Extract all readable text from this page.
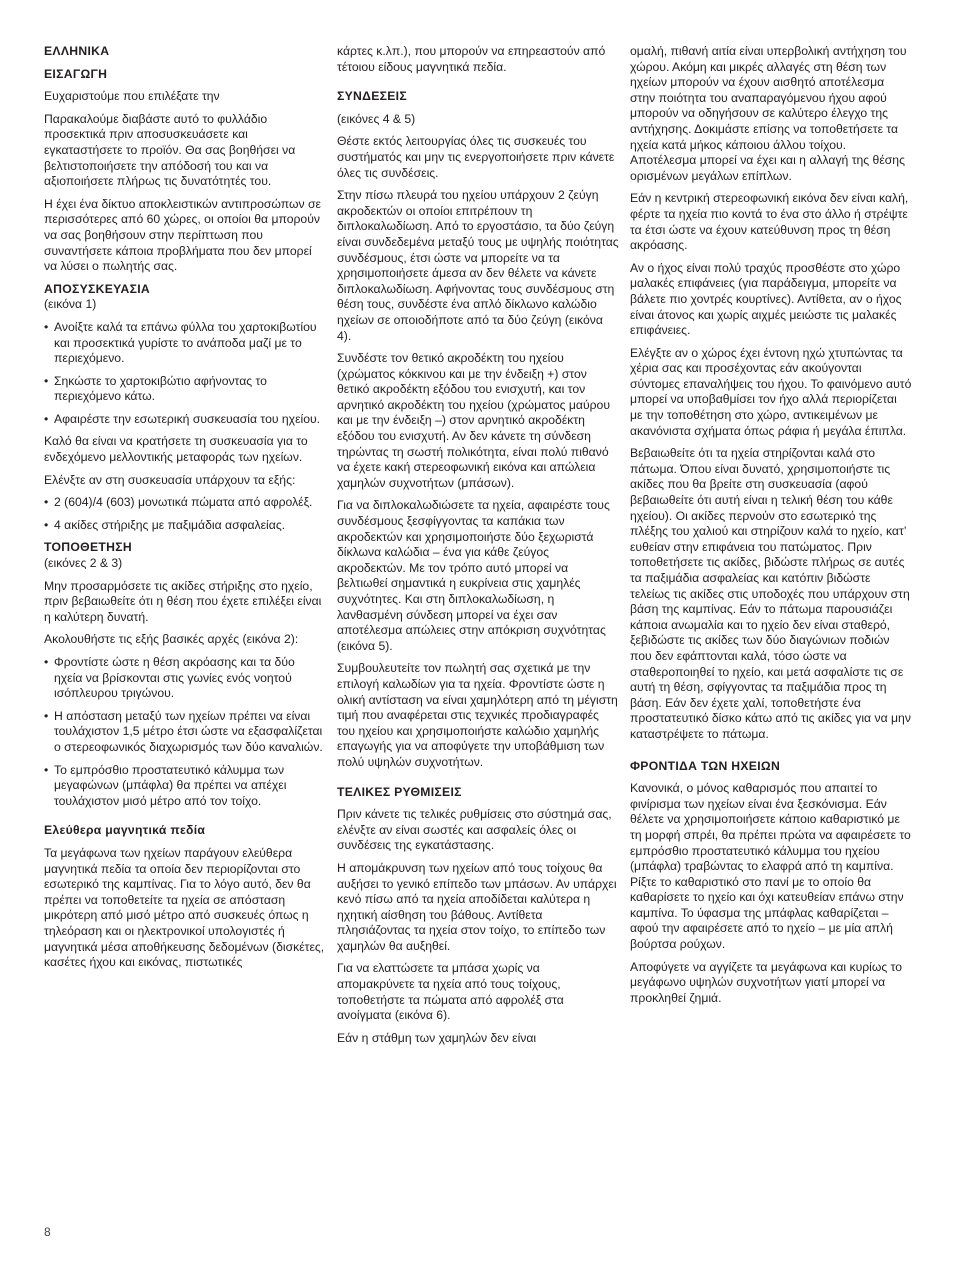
ΕΛΛΗΝΙΚΑ

ΕΙΣΑΓΩΓΗ

Ευχαριστούμε που επιλέξατε την

Παρακαλούμε διαβάστε αυτό το φυλλάδιο προσεκτικά πριν αποσυσκευάσετε και εγκαταστήσετε το προϊόν. Θα σας βοηθήσει να βελτιστοποιήσετε την απόδοσή του και να αξιοποιήσετε πλήρως τις δυνατότητές του.

Η έχει ένα δίκτυο αποκλειστικών αντιπροσώπων σε περισσότερες από 60 χώρες, οι οποίοι θα μπορούν να σας βοηθήσουν στην περίπτωση που συναντήσετε κάποια προβλήματα που δεν μπορεί να λύσει ο πωλητής σας.

ΑΠΟΣΥΣΚΕΥΑΣΙΑ

(εικόνα 1)

• Ανοίξτε καλά τα επάνω φύλλα του χαρτοκιβωτίου και προσεκτικά γυρίστε το ανάποδα μαζί με το περιεχόμενο.
• Σηκώστε το χαρτοκιβώτιο αφήνοντας το περιεχόμενο κάτω.
• Αφαιρέστε την εσωτερική συσκευασία του ηχείου.

Καλό θα είναι να κρατήσετε τη συσκευασία για το ενδεχόμενο μελλοντικής μεταφοράς των ηχείων.

Ελένξτε αν στη συσκευασία υπάρχουν τα εξής:

• 2 (604)/4 (603) μονωτικά πώματα από αφρολέξ.
• 4 ακίδες στήριξης με παξιμάδια ασφαλείας.

ΤΟΠΟΘΕΤΗΣΗ

(εικόνες 2 & 3)

Μην προσαρμόσετε τις ακίδες στήριξης στο ηχείο, πριν βεβαιωθείτε ότι η θέση που έχετε επιλέξει είναι η καλύτερη δυνατή.

Ακολουθήστε τις εξής βασικές αρχές (εικόνα 2):

• Φροντίστε ώστε η θέση ακρόασης και τα δύο ηχεία να βρίσκονται στις γωνίες ενός νοητού ισόπλευρου τριγώνου.
• Η απόσταση μεταξύ των ηχείων πρέπει να είναι τουλάχιστον 1,5 μέτρο έτσι ώστε να εξασφαλίζεται ο στερεοφωνικός διαχωρισμός των δύο καναλιών.
• Το εμπρόσθιο προστατευτικό κάλυμμα των μεγαφώνων (μπάφλα) θα πρέπει να απέχει τουλάχιστον μισό μέτρο από τον τοίχο.

Ελεύθερα μαγνητικά πεδία

Τα μεγάφωνα των ηχείων παράγουν ελεύθερα μαγνητικά πεδία τα οποία δεν περιορίζονται στο εσωτερικό της καμπίνας. Για το λόγο αυτό, δεν θα πρέπει να τοποθετείτε τα ηχεία σε απόσταση μικρότερη από μισό μέτρο από συσκευές όπως η τηλεόραση και οι ηλεκτρονικοί υπολογιστές ή μαγνητικά μέσα αποθήκευσης δεδομένων (δισκέτες, κασέτες ήχου και εικόνας, πιστωτικές

κάρτες κ.λπ.), που μπορούν να επηρεαστούν από τέτοιου είδους μαγνητικά πεδία.

ΣΥΝΔΕΣΕΙΣ

(εικόνες 4 & 5)

Θέστε εκτός λειτουργίας όλες τις συσκευές του συστήματός και μην τις ενεργοποιήσετε πριν κάνετε όλες τις συνδέσεις.

Στην πίσω πλευρά του ηχείου υπάρχουν 2 ζεύγη ακροδεκτών οι οποίοι επιτρέπουν τη διπλοκαλωδίωση. Από το εργοστάσιο, τα δύο ζεύγη είναι συνδεδεμένα μεταξύ τους με υψηλής ποιότητας συνδέσμους, έτσι ώστε να μπορείτε να τα χρησιμοποιήσετε άμεσα αν δεν θέλετε να κάνετε διπλοκαλωδίωση. Αφήνοντας τους συνδέσμους στη θέση τους, συνδέστε ένα απλό δίκλωνο καλώδιο ηχείων σε οποιοδήποτε από τα δύο ζεύγη (εικόνα 4).

Συνδέστε τον θετικό ακροδέκτη του ηχείου (χρώματος κόκκινου και με την ένδειξη +) στον θετικό ακροδέκτη εξόδου του ενισχυτή, και τον αρνητικό ακροδέκτη του ηχείου (χρώματος μαύρου και με την ένδειξη –) στον αρνητικό ακροδέκτη εξόδου του ενισχυτή. Αν δεν κάνετε τη σύνδεση τηρώντας τη σωστή πολικότητα, είναι πολύ πιθανό να έχετε κακή στερεοφωνική εικόνα και απώλεια χαμηλών συχνοτήτων (μπάσων).

Για να διπλοκαλωδιώσετε τα ηχεία, αφαιρέστε τους συνδέσμους ξεσφίγγοντας τα καπάκια των ακροδεκτών και χρησιμοποιήστε δύο ξεχωριστά δίκλωνα καλώδια – ένα για κάθε ζεύγος ακροδεκτών. Με τον τρόπο αυτό μπορεί να βελτιωθεί σημαντικά η ευκρίνεια στις χαμηλές συχνότητες. Και στη διπλοκαλωδίωση, η λανθασμένη σύνδεση μπορεί να έχει σαν αποτέλεσμα απώλειες στην απόκριση συχνότητας (εικόνα 5).

Συμβουλευτείτε τον πωλητή σας σχετικά με την επιλογή καλωδίων για τα ηχεία. Φροντίστε ώστε η ολική αντίσταση να είναι χαμηλότερη από τη μέγιστη τιμή που αναφέρεται στις τεχνικές προδιαγραφές του ηχείου και χρησιμοποιήστε καλώδιο χαμηλής επαγωγής για να αποφύγετε την υποβάθμιση των πολύ υψηλών συχνοτήτων.

ΤΕΛΙΚΕΣ ΡΥΘΜΙΣΕΙΣ

Πριν κάνετε τις τελικές ρυθμίσεις στο σύστημά σας, ελένξτε αν είναι σωστές και ασφαλείς όλες οι συνδέσεις της εγκατάστασης.

Η απομάκρυνση των ηχείων από τους τοίχους θα αυξήσει το γενικό επίπεδο των μπάσων. Αν υπάρχει κενό πίσω από τα ηχεία αποδίδεται καλύτερα η ηχητική αίσθηση του βάθους. Αντίθετα πλησιάζοντας τα ηχεία στον τοίχο, το επίπεδο των χαμηλών θα αυξηθεί.

Για να ελαττώσετε τα μπάσα χωρίς να απομακρύνετε τα ηχεία από τους τοίχους, τοποθετήστε τα πώματα από αφρολέξ στα ανοίγματα (εικόνα 6).

Εάν η στάθμη των χαμηλών δεν είναι

ομαλή, πιθανή αιτία είναι υπερβολική αντήχηση του χώρου. Ακόμη και μικρές αλλαγές στη θέση των ηχείων μπορούν να έχουν αισθητό αποτέλεσμα στην ποιότητα του αναπαραγόμενου ήχου αφού μπορούν να οδηγήσουν σε καλύτερο έλεγχο της αντήχησης. Δοκιμάστε επίσης να τοποθετήσετε τα ηχεία κατά μήκος κάποιου άλλου τοίχου. Αποτέλεσμα μπορεί να έχει και η αλλαγή της θέσης ορισμένων μεγάλων επίπλων.

Εάν η κεντρική στερεοφωνική εικόνα δεν είναι καλή, φέρτε τα ηχεία πιο κοντά το ένα στο άλλο ή στρέψτε τα έτσι ώστε να έχουν κατεύθυνση προς τη θέση ακρόασης.

Αν ο ήχος είναι πολύ τραχύς προσθέστε στο χώρο μαλακές επιφάνειες (για παράδειγμα, μπορείτε να βάλετε πιο χοντρές κουρτίνες). Αντίθετα, αν ο ήχος είναι άτονος και χωρίς αιχμές μειώστε τις μαλακές επιφάνειες.

Ελέγξτε αν ο χώρος έχει έντονη ηχώ χτυπώντας τα χέρια σας και προσέχοντας εάν ακούγονται σύντομες επαναλήψεις του ήχου. Το φαινόμενο αυτό μπορεί να υποβαθμίσει τον ήχο αλλά περιορίζεται με την τοποθέτηση στο χώρο, αντικειμένων με ακανόνιστα σχήματα όπως ράφια ή μεγάλα έπιπλα.

Βεβαιωθείτε ότι τα ηχεία στηρίζονται καλά στο πάτωμα. Όπου είναι δυνατό, χρησιμοποιήστε τις ακίδες που θα βρείτε στη συσκευασία (αφού βεβαιωθείτε ότι αυτή είναι η τελική θέση του κάθε ηχείου). Οι ακίδες περνούν στο εσωτερικό της πλέξης του χαλιού και στηρίζουν καλά το ηχείο, κατ’ ευθείαν στην επιφάνεια του πατώματος. Πριν τοποθετήσετε τις ακίδες, βιδώστε πλήρως σε αυτές τα παξιμάδια ασφαλείας και κατόπιν βιδώστε τελείως τις ακίδες στις υποδοχές που υπάρχουν στη βάση της καμπίνας. Εάν το πάτωμα παρουσιάζει κάποια ανωμαλία και το ηχείο δεν είναι σταθερό, ξεβιδώστε τις ακίδες των δύο διαγώνιων ποδιών που δεν εφάπτονται καλά, τόσο ώστε να σταθεροποιηθεί το ηχείο, και μετά ασφαλίστε τις σε αυτή τη θέση, σφίγγοντας τα παξιμάδια προς τη βάση. Εάν δεν έχετε χαλί, τοποθετήστε ένα προστατευτικό δίσκο κάτω από τις ακίδες για να μην καταστρέψετε το πάτωμα.

ΦΡΟΝΤΙΔΑ ΤΩΝ ΗΧΕΙΩΝ

Κανονικά, ο μόνος καθαρισμός που απαιτεί το φινίρισμα των ηχείων είναι ένα ξεσκόνισμα. Εάν θέλετε να χρησιμοποιήσετε κάποιο καθαριστικό με τη μορφή σπρέι, θα πρέπει πρώτα να αφαιρέσετε το εμπρόσθιο προστατευτικό κάλυμμα του ηχείου (μπάφλα) τραβώντας το ελαφρά από τη καμπίνα. Ρίξτε το καθαριστικό στο πανί με το οποίο θα καθαρίσετε το ηχείο και όχι κατευθείαν επάνω στην καμπίνα. Το ύφασμα της μπάφλας καθαρίζεται – αφού την αφαιρέσετε από το ηχείο – με μία απλή βούρτσα ρούχων.

Αποφύγετε να αγγίζετε τα μεγάφωνα και κυρίως το μεγάφωνο υψηλών συχνοτήτων γιατί μπορεί να προκληθεί ζημιά.

8
